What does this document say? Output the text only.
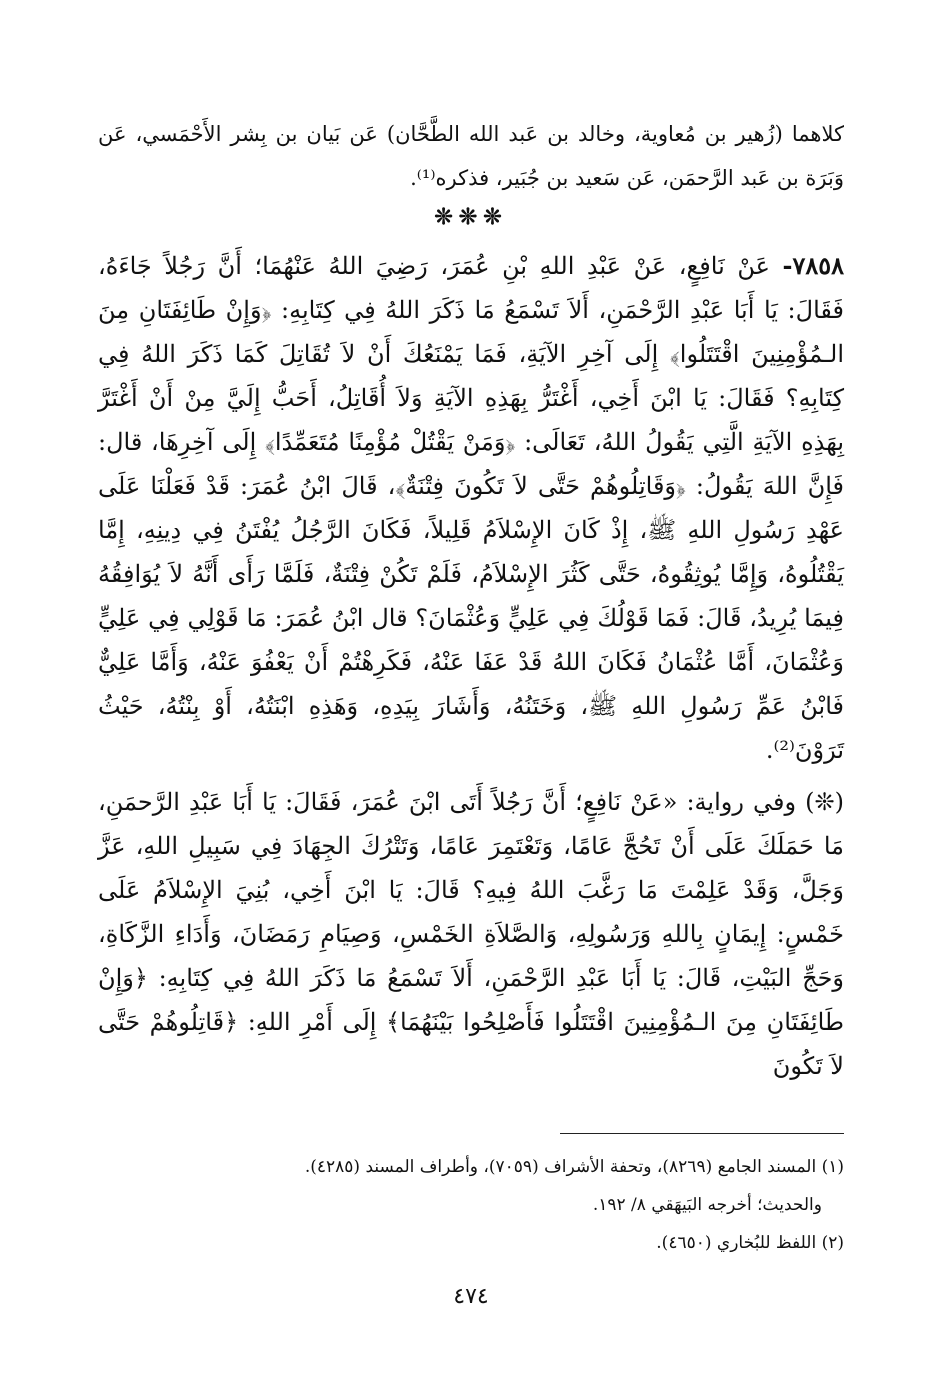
كلاهما (زُهير بن مُعاوية، وخالد بن عَبد الله الطَّحَّان) عَن بَيان بن بِشر الأَحْمَسي، عَن وَبَرَة بن عَبد الرَّحمَن، عَن سَعيد بن جُبَير، فذكره⁽¹⁾.

❊❊❊

٧٨٥٨- عَنْ نَافِعٍ، عَنْ عَبْدِ اللهِ بْنِ عُمَرَ، رَضِيَ اللهُ عَنْهُمَا؛ أَنَّ رَجُلاً جَاءَهُ، فَقَالَ: يَا أَبَا عَبْدِ الرَّحْمَنِ، أَلاَ تَسْمَعُ مَا ذَكَرَ اللهُ فِي كِتَابِهِ: ﴿وَإِنْ طَائِفَتَانِ مِنَ الـمُؤْمِنِينَ اقْتَتَلُوا﴾ إِلَى آخِرِ الآيَةِ، فَمَا يَمْنَعُكَ أَنْ لاَ تُقَاتِلَ كَمَا ذَكَرَ اللهُ فِي كِتَابِهِ؟ فَقَالَ: يَا ابْنَ أَخِي، أَغْتَرُّ بِهَذِهِ الآيَةِ وَلاَ أُقَاتِلُ، أَحَبُّ إِلَيَّ مِنْ أَنْ أَغْتَرَّ بِهَذِهِ الآيَةِ الَّتِي يَقُولُ اللهُ، تَعَالَى: ﴿وَمَنْ يَقْتُلْ مُؤْمِنًا مُتَعَمِّدًا﴾ إِلَى آخِرِهَا، قال: فَإِنَّ اللهَ يَقُولُ: ﴿وَقَاتِلُوهُمْ حَتَّى لاَ تَكُونَ فِتْنَةٌ﴾، قَالَ ابْنُ عُمَرَ: قَدْ فَعَلْنَا عَلَى عَهْدِ رَسُولِ اللهِ ﷺ، إِذْ كَانَ الإِسْلاَمُ قَلِيلاً، فَكَانَ الرَّجُلُ يُفْتَنُ فِي دِينِهِ، إِمَّا يَقْتُلُوهُ، وَإِمَّا يُوثِقُوهُ، حَتَّى كَثُرَ الإِسْلاَمُ، فَلَمْ تَكُنْ فِتْنَةٌ، فَلَمَّا رَأَى أَنَّهُ لاَ يُوَافِقُهُ فِيمَا يُرِيدُ، قَالَ: فَمَا قَوْلُكَ فِي عَلِيٍّ وَعُثْمَانَ؟ قال ابْنُ عُمَرَ: مَا قَوْلِي فِي عَلِيٍّ وَعُثْمَانَ، أَمَّا عُثْمَانُ فَكَانَ اللهُ قَدْ عَفَا عَنْهُ، فَكَرِهْتُمْ أَنْ يَعْفُوَ عَنْهُ، وَأَمَّا عَلِيٌّ فَابْنُ عَمِّ رَسُولِ اللهِ ﷺ، وَخَتَنُهُ، وَأَشَارَ بِيَدِهِ، وَهَذِهِ ابْنَتُهُ، أَوْ بِنْتُهُ، حَيْثُ تَرَوْنَ⁽²⁾.

(❊) وفي رواية: «عَنْ نَافِعٍ؛ أَنَّ رَجُلاً أَتَى ابْنَ عُمَرَ، فَقَالَ: يَا أَبَا عَبْدِ الرَّحمَنِ، مَا حَمَلَكَ عَلَى أَنْ تَحُجَّ عَامًا، وَتَعْتَمِرَ عَامًا، وَتَتْرُكَ الجِهَادَ فِي سَبِيلِ اللهِ، عَزَّ وَجَلَّ، وَقَدْ عَلِمْتَ مَا رَغَّبَ اللهُ فِيهِ؟ قَالَ: يَا ابْنَ أَخِي، بُنِيَ الإِسْلاَمُ عَلَى خَمْسٍ: إِيمَانٍ بِاللهِ وَرَسُولِهِ، وَالصَّلاَةِ الخَمْسِ، وَصِيَامِ رَمَضَانَ، وَأَدَاءِ الزَّكَاةِ، وَحَجِّ البَيْتِ، قَالَ: يَا أَبَا عَبْدِ الرَّحْمَنِ، أَلاَ تَسْمَعُ مَا ذَكَرَ اللهُ فِي كِتَابِهِ: ﴿وَإِنْ طَائِفَتَانِ مِنَ الـمُؤْمِنِينَ اقْتَتَلُوا فَأَصْلِحُوا بَيْنَهُمَا﴾ إِلَى أَمْرِ اللهِ: ﴿قَاتِلُوهُمْ حَتَّى لاَ تَكُونَ

(١) المسند الجامع (٨٢٦٩)، وتحفة الأشراف (٧٠٥٩)، وأطراف المسند (٤٢٨٥).

والحديث؛ أخرجه البَيهَقي ٨/ ١٩٢.

(٢) اللفظ للبُخاري (٤٦٥٠).

٤٧٤
